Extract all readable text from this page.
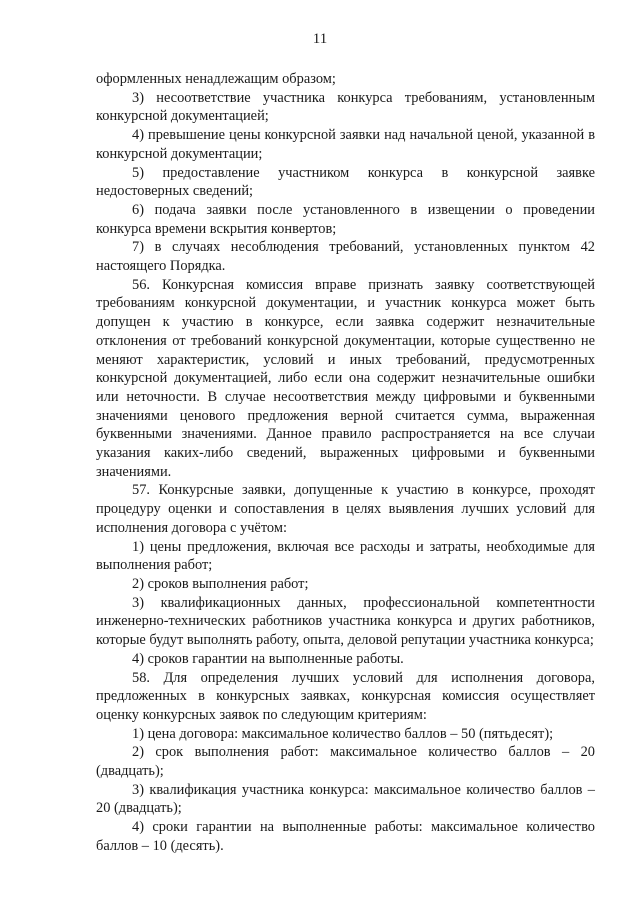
11

оформленных ненадлежащим образом;

3) несоответствие участника конкурса требованиям, установленным конкурсной документацией;

4) превышение цены конкурсной заявки над начальной ценой, указанной в конкурсной документации;

5) предоставление участником конкурса в конкурсной заявке недостоверных сведений;

6) подача заявки после установленного в извещении о проведении конкурса времени вскрытия конвертов;

7) в случаях несоблюдения требований, установленных пунктом 42 настоящего Порядка.

56. Конкурсная комиссия вправе признать заявку соответствующей требованиям конкурсной документации, и участник конкурса может быть допущен к участию в конкурсе, если заявка содержит незначительные отклонения от требований конкурсной документации, которые существенно не меняют характеристик, условий и иных требований, предусмотренных конкурсной документацией, либо если она содержит незначительные ошибки или неточности. В случае несоответствия между цифровыми и буквенными значениями ценового предложения верной считается сумма, выраженная буквенными значениями. Данное правило распространяется на все случаи указания каких-либо сведений, выраженных цифровыми и буквенными значениями.

57. Конкурсные заявки, допущенные к участию в конкурсе, проходят процедуру оценки и сопоставления в целях выявления лучших условий для исполнения договора с учётом:

1) цены предложения, включая все расходы и затраты, необходимые для выполнения работ;

2) сроков выполнения работ;

3) квалификационных данных, профессиональной компетентности инженерно-технических работников участника конкурса и других работников, которые будут выполнять работу, опыта, деловой репутации участника конкурса;

4) сроков гарантии на выполненные работы.

58. Для определения лучших условий для исполнения договора, предложенных в конкурсных заявках, конкурсная комиссия осуществляет оценку конкурсных заявок по следующим критериям:

1) цена договора: максимальное количество баллов – 50 (пятьдесят);

2) срок выполнения работ: максимальное количество баллов – 20 (двадцать);

3) квалификация участника конкурса: максимальное количество баллов – 20 (двадцать);

4) сроки гарантии на выполненные работы: максимальное количество баллов – 10 (десять).
